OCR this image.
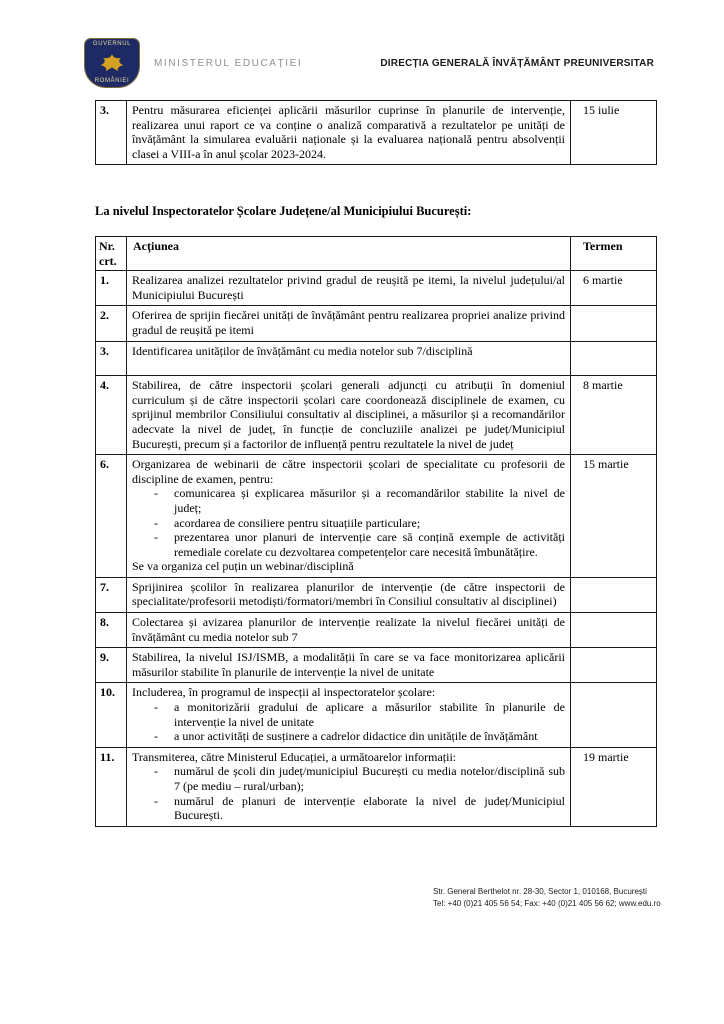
GUVERNUL
ROMÂNIEI
MINISTERUL EDUCAȚIEI	DIRECȚIA GENERALĂ ÎNVĂȚĂMÂNT PREUNIVERSITAR
3.	Pentru măsurarea eficienței aplicării măsurilor cuprinse în planurile de intervenție, realizarea unui raport ce va conține o analiză comparativă a rezultatelor pe unități de învățământ la simularea evaluării naționale și la evaluarea națională pentru absolvenții clasei a VIII-a în anul școlar 2023-2024.
	15 iulie
La nivelul Inspectoratelor Școlare Județene/al Municipiului București:
Nr. crt.	Acțiunea	Termen
1.	Realizarea analizei rezultatelor privind gradul de reușită pe itemi, la nivelul județului/al Municipiului București	6 martie
2.	Oferirea de sprijin fiecărei unități de învățământ pentru realizarea propriei analize privind gradul de reușită pe itemi	

3.	Identificarea unităților de învățământ cu media notelor sub 7/disciplină	

4.	Stabilirea, de către inspectorii școlari generali adjuncți cu atribuții în domeniul curriculum și de către inspectorii școlari care coordonează disciplinele de examen, cu sprijinul membrilor Consiliului consultativ al disciplinei, a măsurilor și a recomandărilor adecvate la nivel de județ, în funcție de concluziile analizei pe județ/Municipiul București, precum și a factorilor de influență pentru rezultatele la nivel de județ	8 martie
6.	Organizarea de webinarii de către inspectorii școlari de specialitate cu profesorii de discipline de examen, pentru:
-	comunicarea și explicarea măsurilor și a recomandărilor stabilite la nivel de județ;
-	acordarea de consiliere pentru situațiile particulare;
-	prezentarea unor planuri de intervenție care să conțină exemple de activități remediale corelate cu dezvoltarea competențelor care necesită îmbunătățire.
Se va organiza cel puțin un webinar/disciplină
	15 martie
7.	Sprijinirea școlilor în realizarea planurilor de intervenție (de către inspectorii de specialitate/profesorii metodiști/formatori/membri în Consiliul consultativ al disciplinei)	

8.	Colectarea și avizarea planurilor de intervenție realizate la nivelul fiecărei unități de învățământ cu media notelor sub 7	

9.	Stabilirea, la nivelul ISJ/ISMB, a modalității în care se va face monitorizarea aplicării măsurilor stabilite în planurile de intervenție la nivel de unitate	

10.	Includerea, în programul de inspecții al inspectoratelor școlare:
- a monitorizării gradului de aplicare a măsurilor stabilite în planurile de intervenție la nivel de unitate
- a unor activități de susținere a cadrelor didactice din unitățile de învățământ	

11.	Transmiterea, către Ministerul Educației, a următoarelor informații:
- numărul de școli din județ/municipiul București cu media notelor/disciplină sub 7 (pe mediu – rural/urban);
- numărul de planuri de intervenție elaborate la nivel de județ/Municipiul București.	19 martie
Str. General Berthelot nr. 28-30, Sector 1, 010168, București
Tel: +40 (0)21 405 56 54; Fax: +40 (0)21 405 56 62; www.edu.ro
